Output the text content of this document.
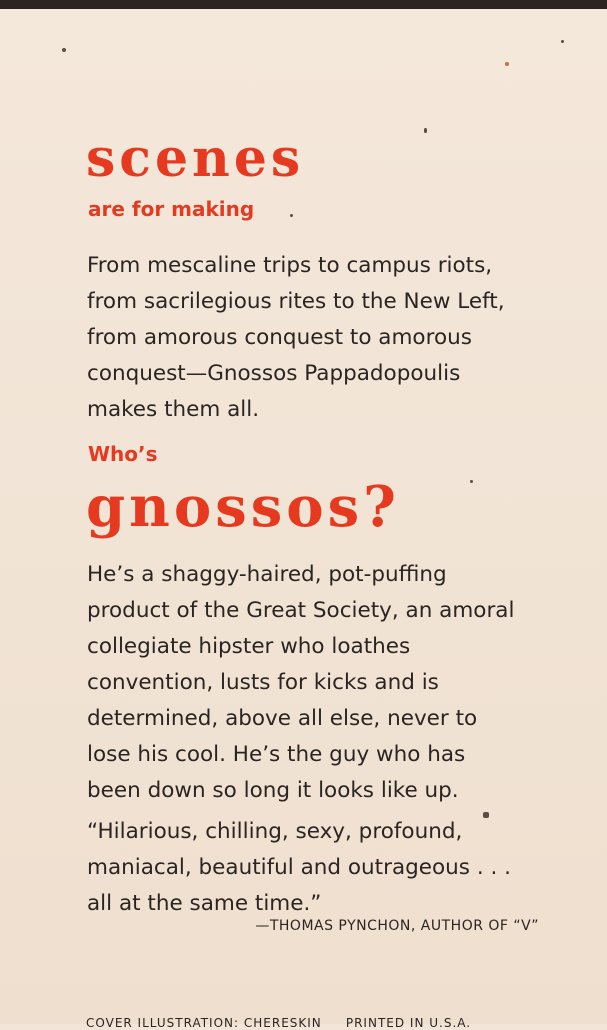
scenes
are for making

From mescaline trips to campus riots,
from sacrilegious rites to the New Left,
from amorous conquest to amorous
conquest—Gnossos Pappadopoulis
makes them all.

Who’s
gnossos?

He’s a shaggy-haired, pot-puffing
product of the Great Society, an amoral
collegiate hipster who loathes
convention, lusts for kicks and is
determined, above all else, never to
lose his cool. He’s the guy who has
been down so long it looks like up.

“Hilarious, chilling, sexy, profound,
maniacal, beautiful and outrageous . . .
all at the same time.”

—THOMAS PYNCHON, AUTHOR OF “V”
COVER ILLUSTRATION: CHERESKIN     PRINTED IN U.S.A.
